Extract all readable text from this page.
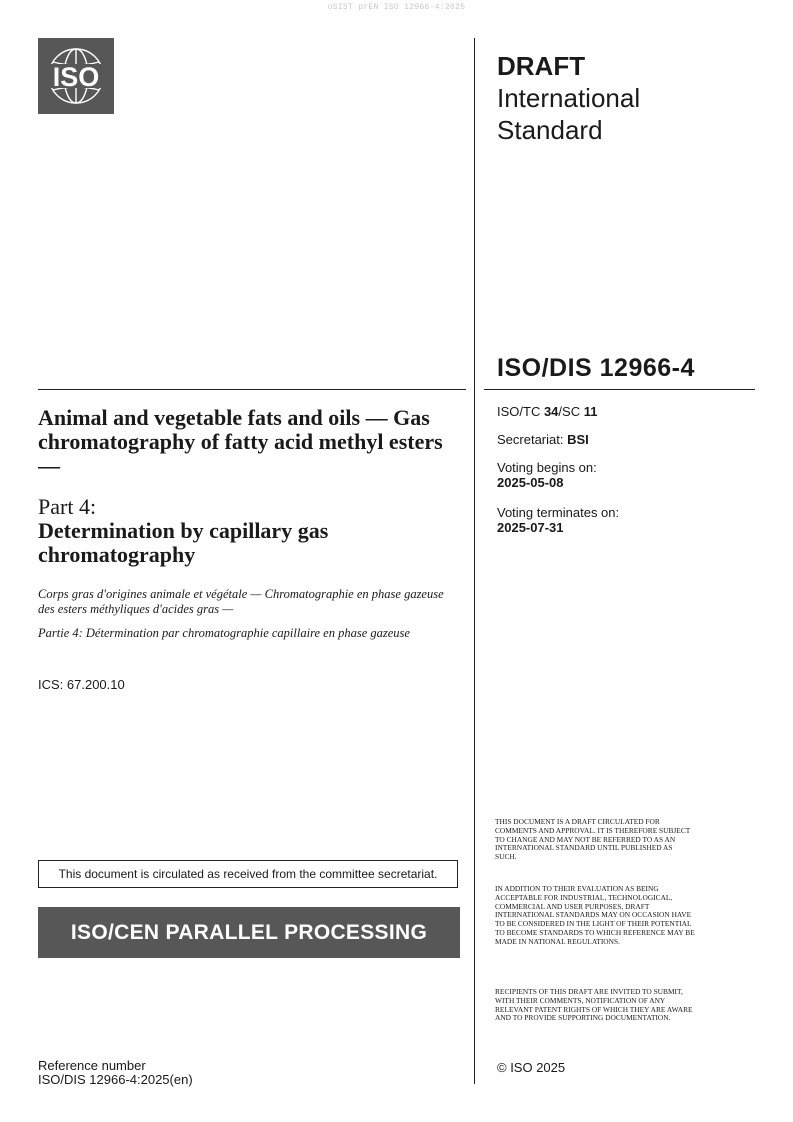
oSIST prEN ISO 12966-4:2025
ISO	DRAFT
International
Standard
ISO/DIS 12966-4
ISO/TC 34/SC 11
Secretariat: BSI
Voting begins on:
2025-05-08
Voting terminates on:
2025-07-31
Animal and vegetable fats and oils — Gas chromatography of fatty acid methyl esters —
Part 4:
Determination by capillary gas chromatography
Corps gras d'origines animale et végétale — Chromatographie en phase gazeuse des esters méthyliques d'acides gras —
Partie 4: Détermination par chromatographie capillaire en phase gazeuse
ICS: 67.200.10
This document is circulated as received from the committee secretariat.
ISO/CEN PARALLEL PROCESSING
THIS DOCUMENT IS A DRAFT CIRCULATED FOR COMMENTS AND APPROVAL. IT IS THEREFORE SUBJECT TO CHANGE AND MAY NOT BE REFERRED TO AS AN INTERNATIONAL STANDARD UNTIL PUBLISHED AS SUCH.
IN ADDITION TO THEIR EVALUATION AS BEING ACCEPTABLE FOR INDUSTRIAL, TECHNOLOGICAL, COMMERCIAL AND USER PURPOSES, DRAFT INTERNATIONAL STANDARDS MAY ON OCCASION HAVE TO BE CONSIDERED IN THE LIGHT OF THEIR POTENTIAL TO BECOME STANDARDS TO WHICH REFERENCE MAY BE MADE IN NATIONAL REGULATIONS.
RECIPIENTS OF THIS DRAFT ARE INVITED TO SUBMIT, WITH THEIR COMMENTS, NOTIFICATION OF ANY RELEVANT PATENT RIGHTS OF WHICH THEY ARE AWARE AND TO PROVIDE SUPPORTING DOCUMENTATION.
© ISO 2025
Reference number
ISO/DIS 12966-4:2025(en)
